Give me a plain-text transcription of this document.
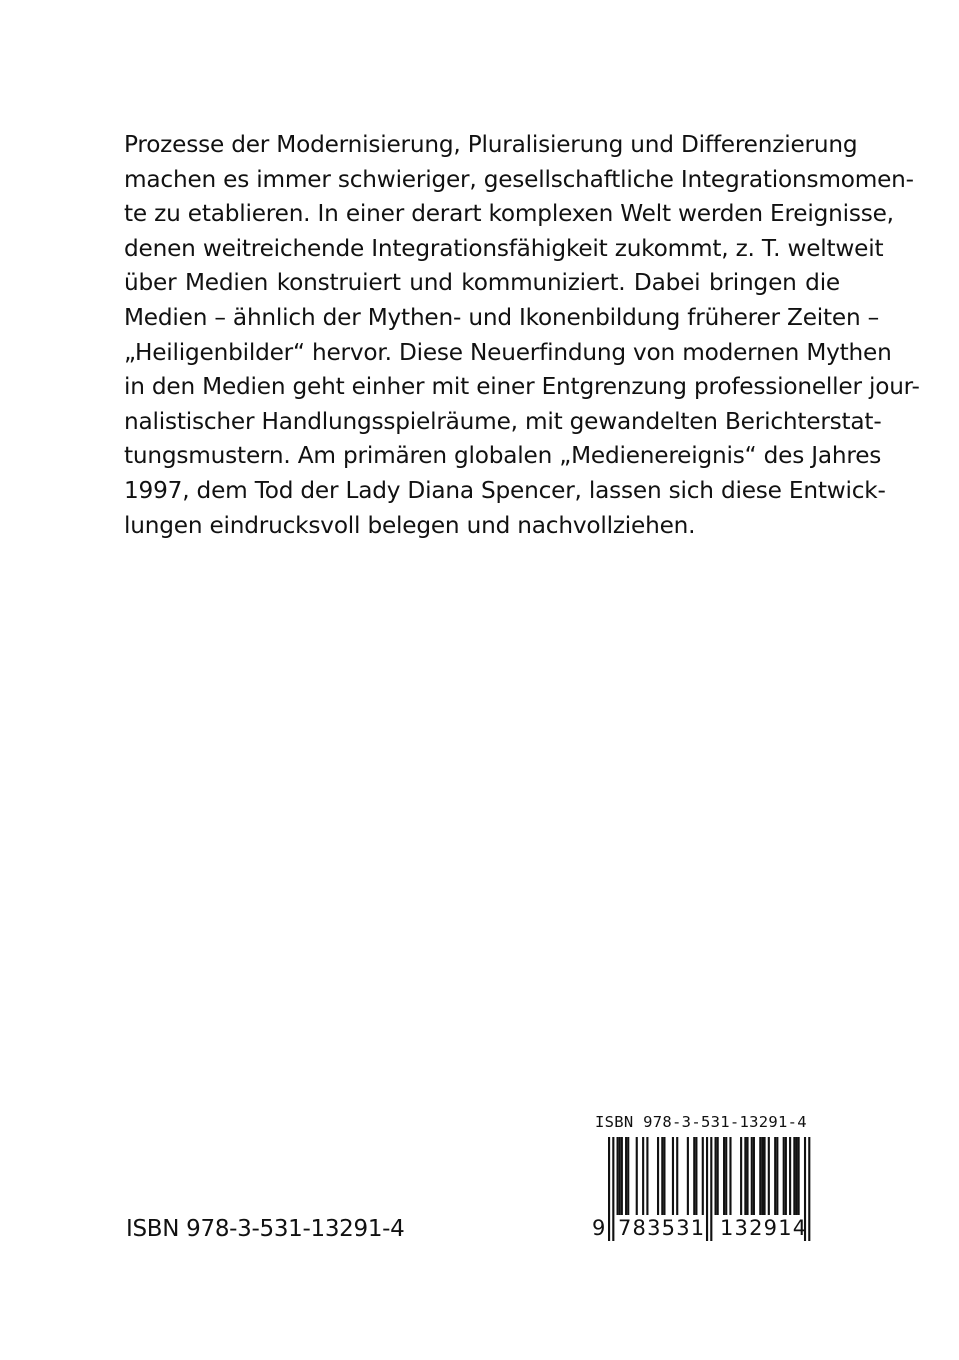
Prozesse der Modernisierung, Pluralisierung und Differenzierung
machen es immer schwieriger, gesellschaftliche Integrationsmomen-
te zu etablieren. In einer derart komplexen Welt werden Ereignisse,
denen weitreichende Integrationsfähigkeit zukommt, z. T. weltweit
über Medien konstruiert und kommuniziert. Dabei bringen die
Medien – ähnlich der Mythen- und Ikonenbildung früherer Zeiten –
„Heiligenbilder“ hervor. Diese Neuerfindung von modernen Mythen
in den Medien geht einher mit einer Entgrenzung professioneller jour-
nalistischer Handlungsspielräume, mit gewandelten Berichterstat-
tungsmustern. Am primären globalen „Medienereignis“ des Jahres
1997, dem Tod der Lady Diana Spencer, lassen sich diese Entwick-
lungen eindrucksvoll belegen und nachvollziehen.
ISBN 978-3-531-13291-4
ISBN 978-3-531-13291-4
9 783531 132914
